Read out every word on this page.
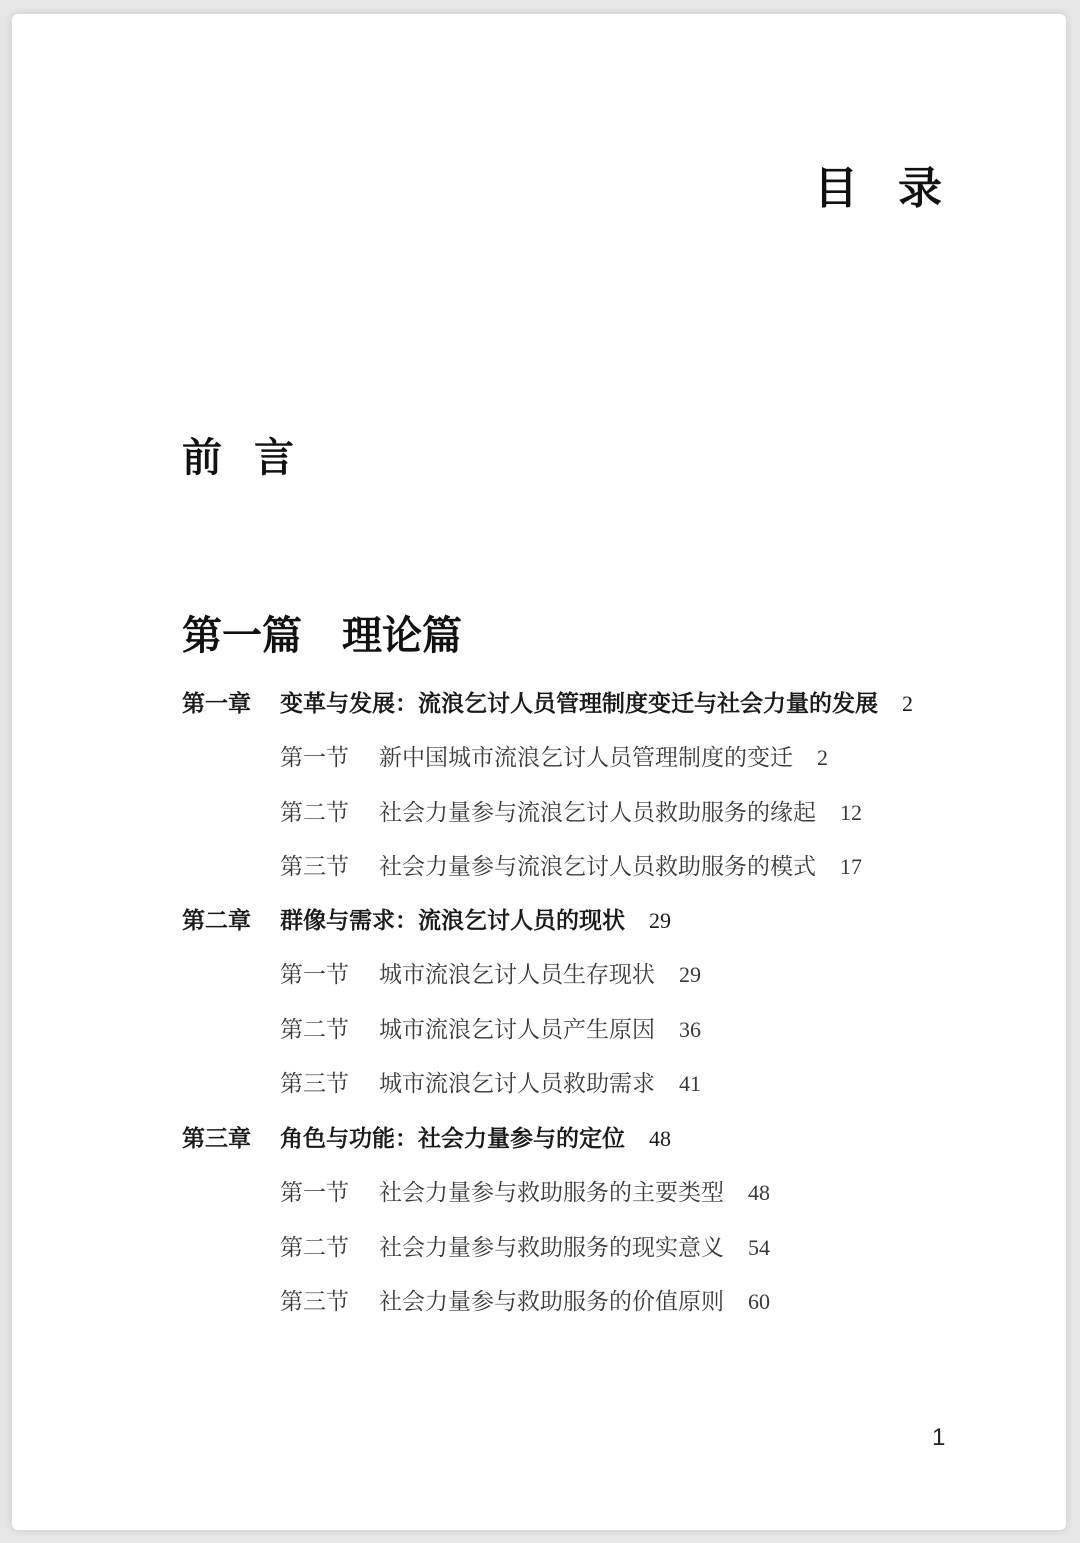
目 录
前 言
第一篇 理论篇
第一章 变革与发展：流浪乞讨人员管理制度变迁与社会力量的发展 2
第一节 新中国城市流浪乞讨人员管理制度的变迁 2
第二节 社会力量参与流浪乞讨人员救助服务的缘起 12
第三节 社会力量参与流浪乞讨人员救助服务的模式 17
第二章 群像与需求：流浪乞讨人员的现状 29
第一节 城市流浪乞讨人员生存现状 29
第二节 城市流浪乞讨人员产生原因 36
第三节 城市流浪乞讨人员救助需求 41
第三章 角色与功能：社会力量参与的定位 48
第一节 社会力量参与救助服务的主要类型 48
第二节 社会力量参与救助服务的现实意义 54
第三节 社会力量参与救助服务的价值原则 60
1
